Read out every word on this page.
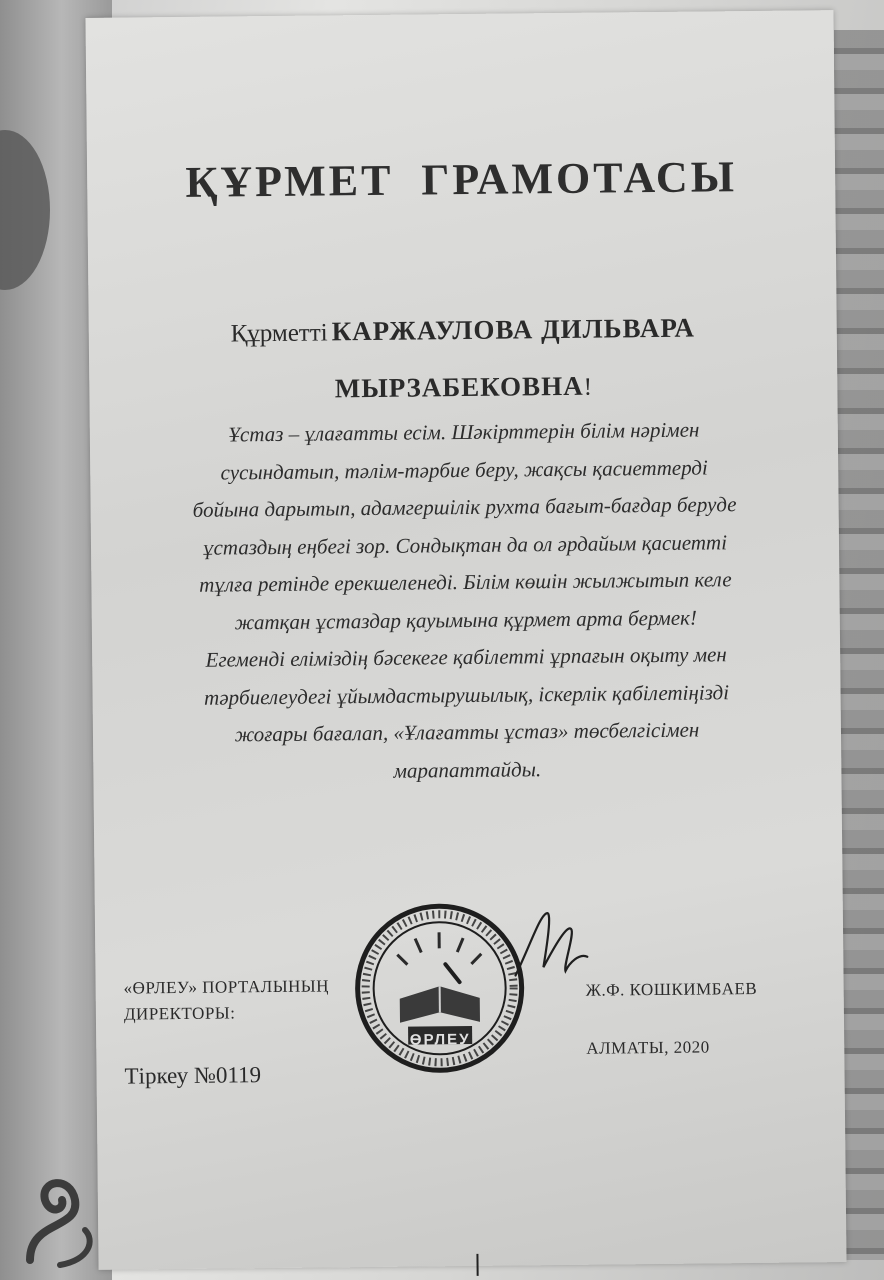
ҚҰРМЕТ ГРАМОТАСЫ
Құрметті КАРЖАУЛОВА ДИЛЬВАРА
МЫРЗАБЕКОВНА!

Ұстаз – ұлағатты есім. Шәкірттерін білім нәрімен

сусындатып, тәлім-тәрбие беру, жақсы қасиеттерді

бойына дарытып, адамгершілік рухта бағыт-бағдар беруде

ұстаздың еңбегі зор. Сондықтан да ол әрдайым қасиетті

тұлға ретінде ерекшеленеді. Білім көшін жылжытып келе

жатқан ұстаздар қауымына құрмет арта бермек!

Егеменді еліміздің бәсекеге қабілетті ұрпағын оқыту мен

тәрбиелеудегі ұйымдастырушылық, іскерлік қабілетіңізді

жоғары бағалап, «Ұлағатты ұстаз» төсбелгісімен

марапаттайды.

«ӨРЛЕУ» ПОРТАЛЫНЫҢ
ДИРЕКТОРЫ:
Тіркеу №0119
ӨРЛЕУ
Ж.Ф. КОШКИМБАЕВ
АЛМАТЫ, 2020
